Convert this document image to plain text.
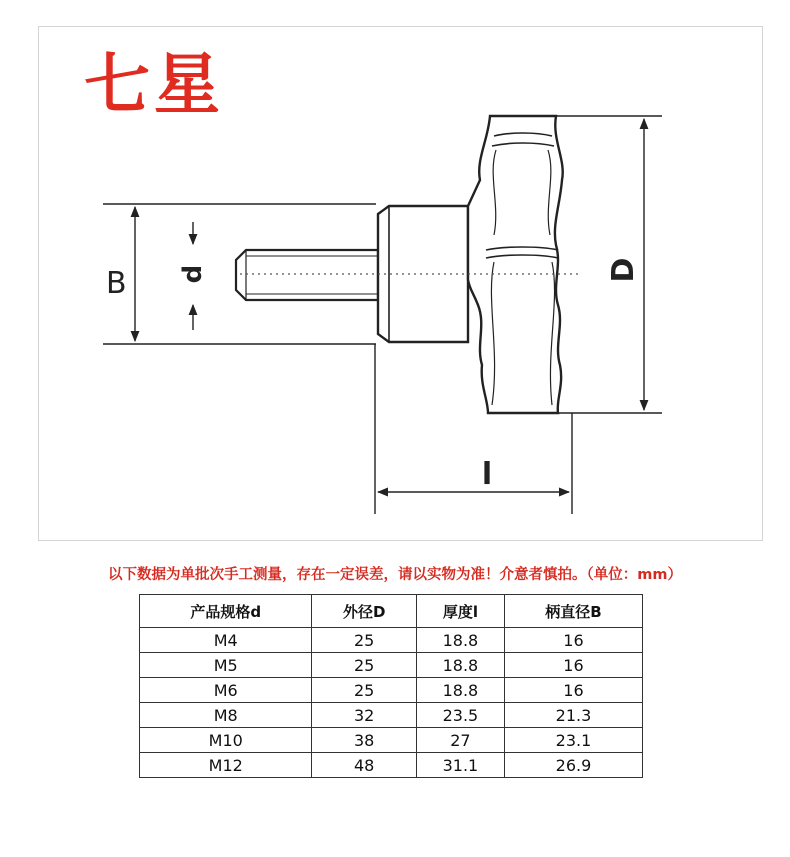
七星
B d	D
l
以下数据为单批次手工测量，存在一定误差，请以实物为准！介意者慎拍。（单位：mm）
产品规格d	外径D	厚度l	柄直径B
M4	25	18.8	16
M5	25	18.8	16
M6	25	18.8	16
M8	32	23.5	21.3
M10	38	27	23.1
M12	48	31.1	26.9
